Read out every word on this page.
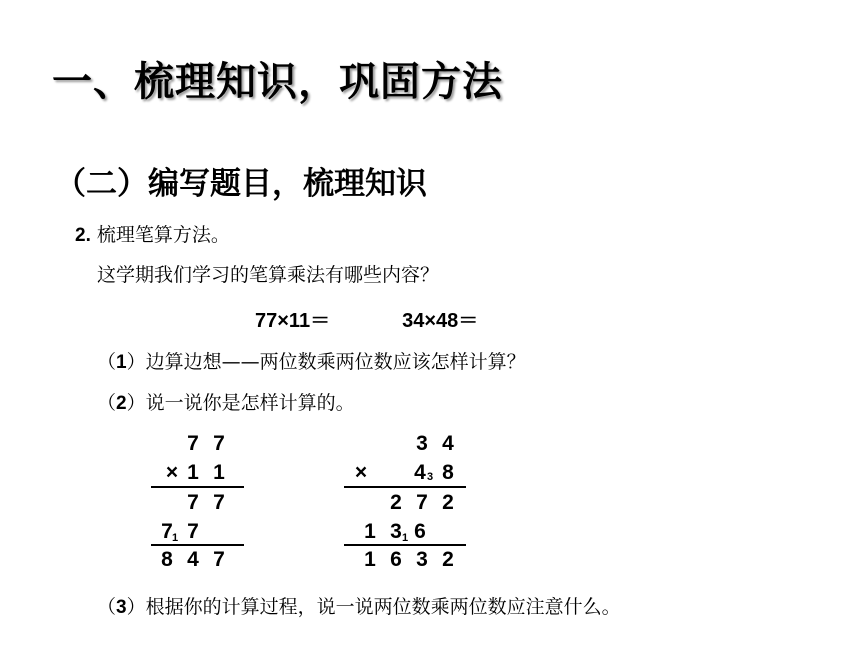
一、梳理知识，巩固方法
（二）编写题目，梳理知识
2. 梳理笔算方法。
这学期我们学习的笔算乘法有哪些内容？
77×11＝	34×48＝
（1）边算边想——两位数乘两位数应该怎样计算？
（2）说一说你是怎样计算的。
7 7
× 1 1
7 7
7 1 7
8 4 7
3 4
× 4 3 8
2 7 2
1 3 1 6
1 6 3 2
（3）根据你的计算过程，说一说两位数乘两位数应注意什么。
